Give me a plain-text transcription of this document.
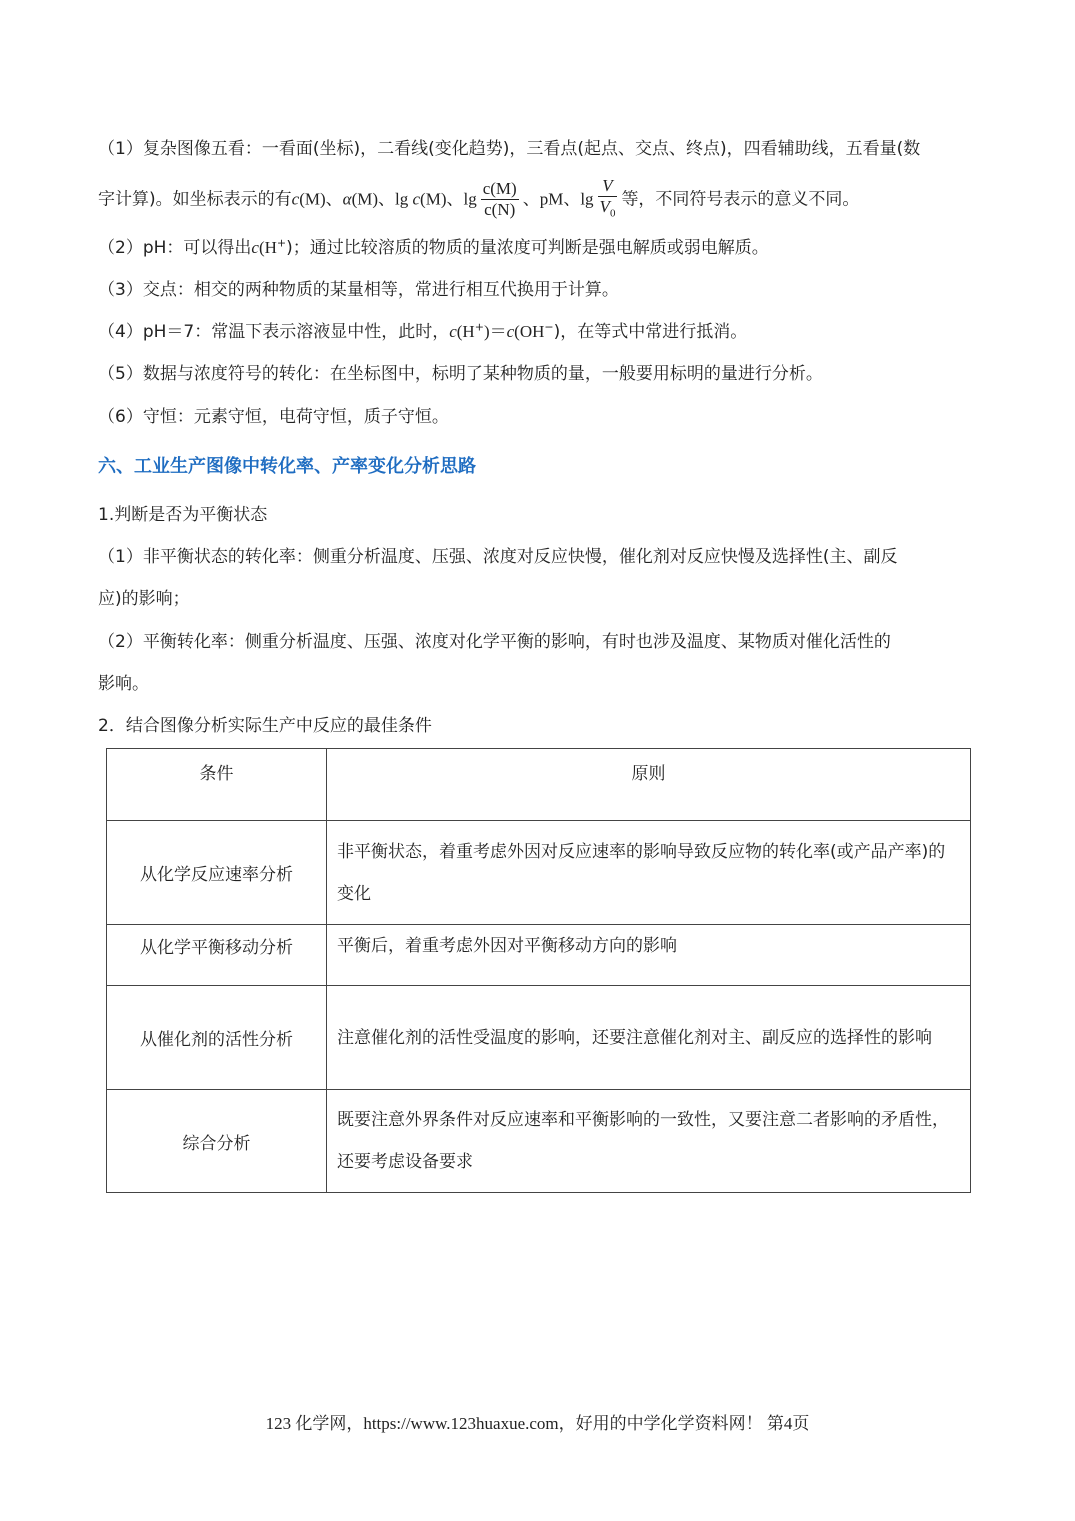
（1）复杂图像五看：一看面(坐标)，二看线(变化趋势)，三看点(起点、交点、终点)，四看辅助线，五看量(数

字计算)。如坐标表示的有c(M)、α(M)、lg c(M)、$\lg \frac{c(M)}{c(N)}$ 、pM、$\lg \frac{V}{V_0}$ 等，不同符号表示的意义不同。

（2）pH：可以得出c(H+)；通过比较溶质的物质的量浓度可判断是强电解质或弱电解质。

（3）交点：相交的两种物质的某量相等，常进行相互代换用于计算。

（4）pH＝7：常温下表示溶液显中性，此时，c(H+)＝c(OH−)，在等式中常进行抵消。

（5）数据与浓度符号的转化：在坐标图中，标明了某种物质的量，一般要用标明的量进行分析。

（6）守恒：元素守恒，电荷守恒，质子守恒。

六、工业生产图像中转化率、产率变化分析思路

1.判断是否为平衡状态

（1）非平衡状态的转化率：侧重分析温度、压强、浓度对反应快慢，催化剂对反应快慢及选择性(主、副反

应)的影响；

（2）平衡转化率：侧重分析温度、压强、浓度对化学平衡的影响，有时也涉及温度、某物质对催化活性的

影响。

2．结合图像分析实际生产中反应的最佳条件

条件	原则
从化学反应速率分析	非平衡状态，着重考虑外因对反应速率的影响导致反应物的转化率(或产品产率)的变化
从化学平衡移动分析	平衡后，着重考虑外因对平衡移动方向的影响
从催化剂的活性分析	注意催化剂的活性受温度的影响，还要注意催化剂对主、副反应的选择性的影响
综合分析	既要注意外界条件对反应速率和平衡影响的一致性，又要注意二者影响的矛盾性，还要考虑设备要求
123 化学网，https://www.123huaxue.com，好用的中学化学资料网！ 第4页
